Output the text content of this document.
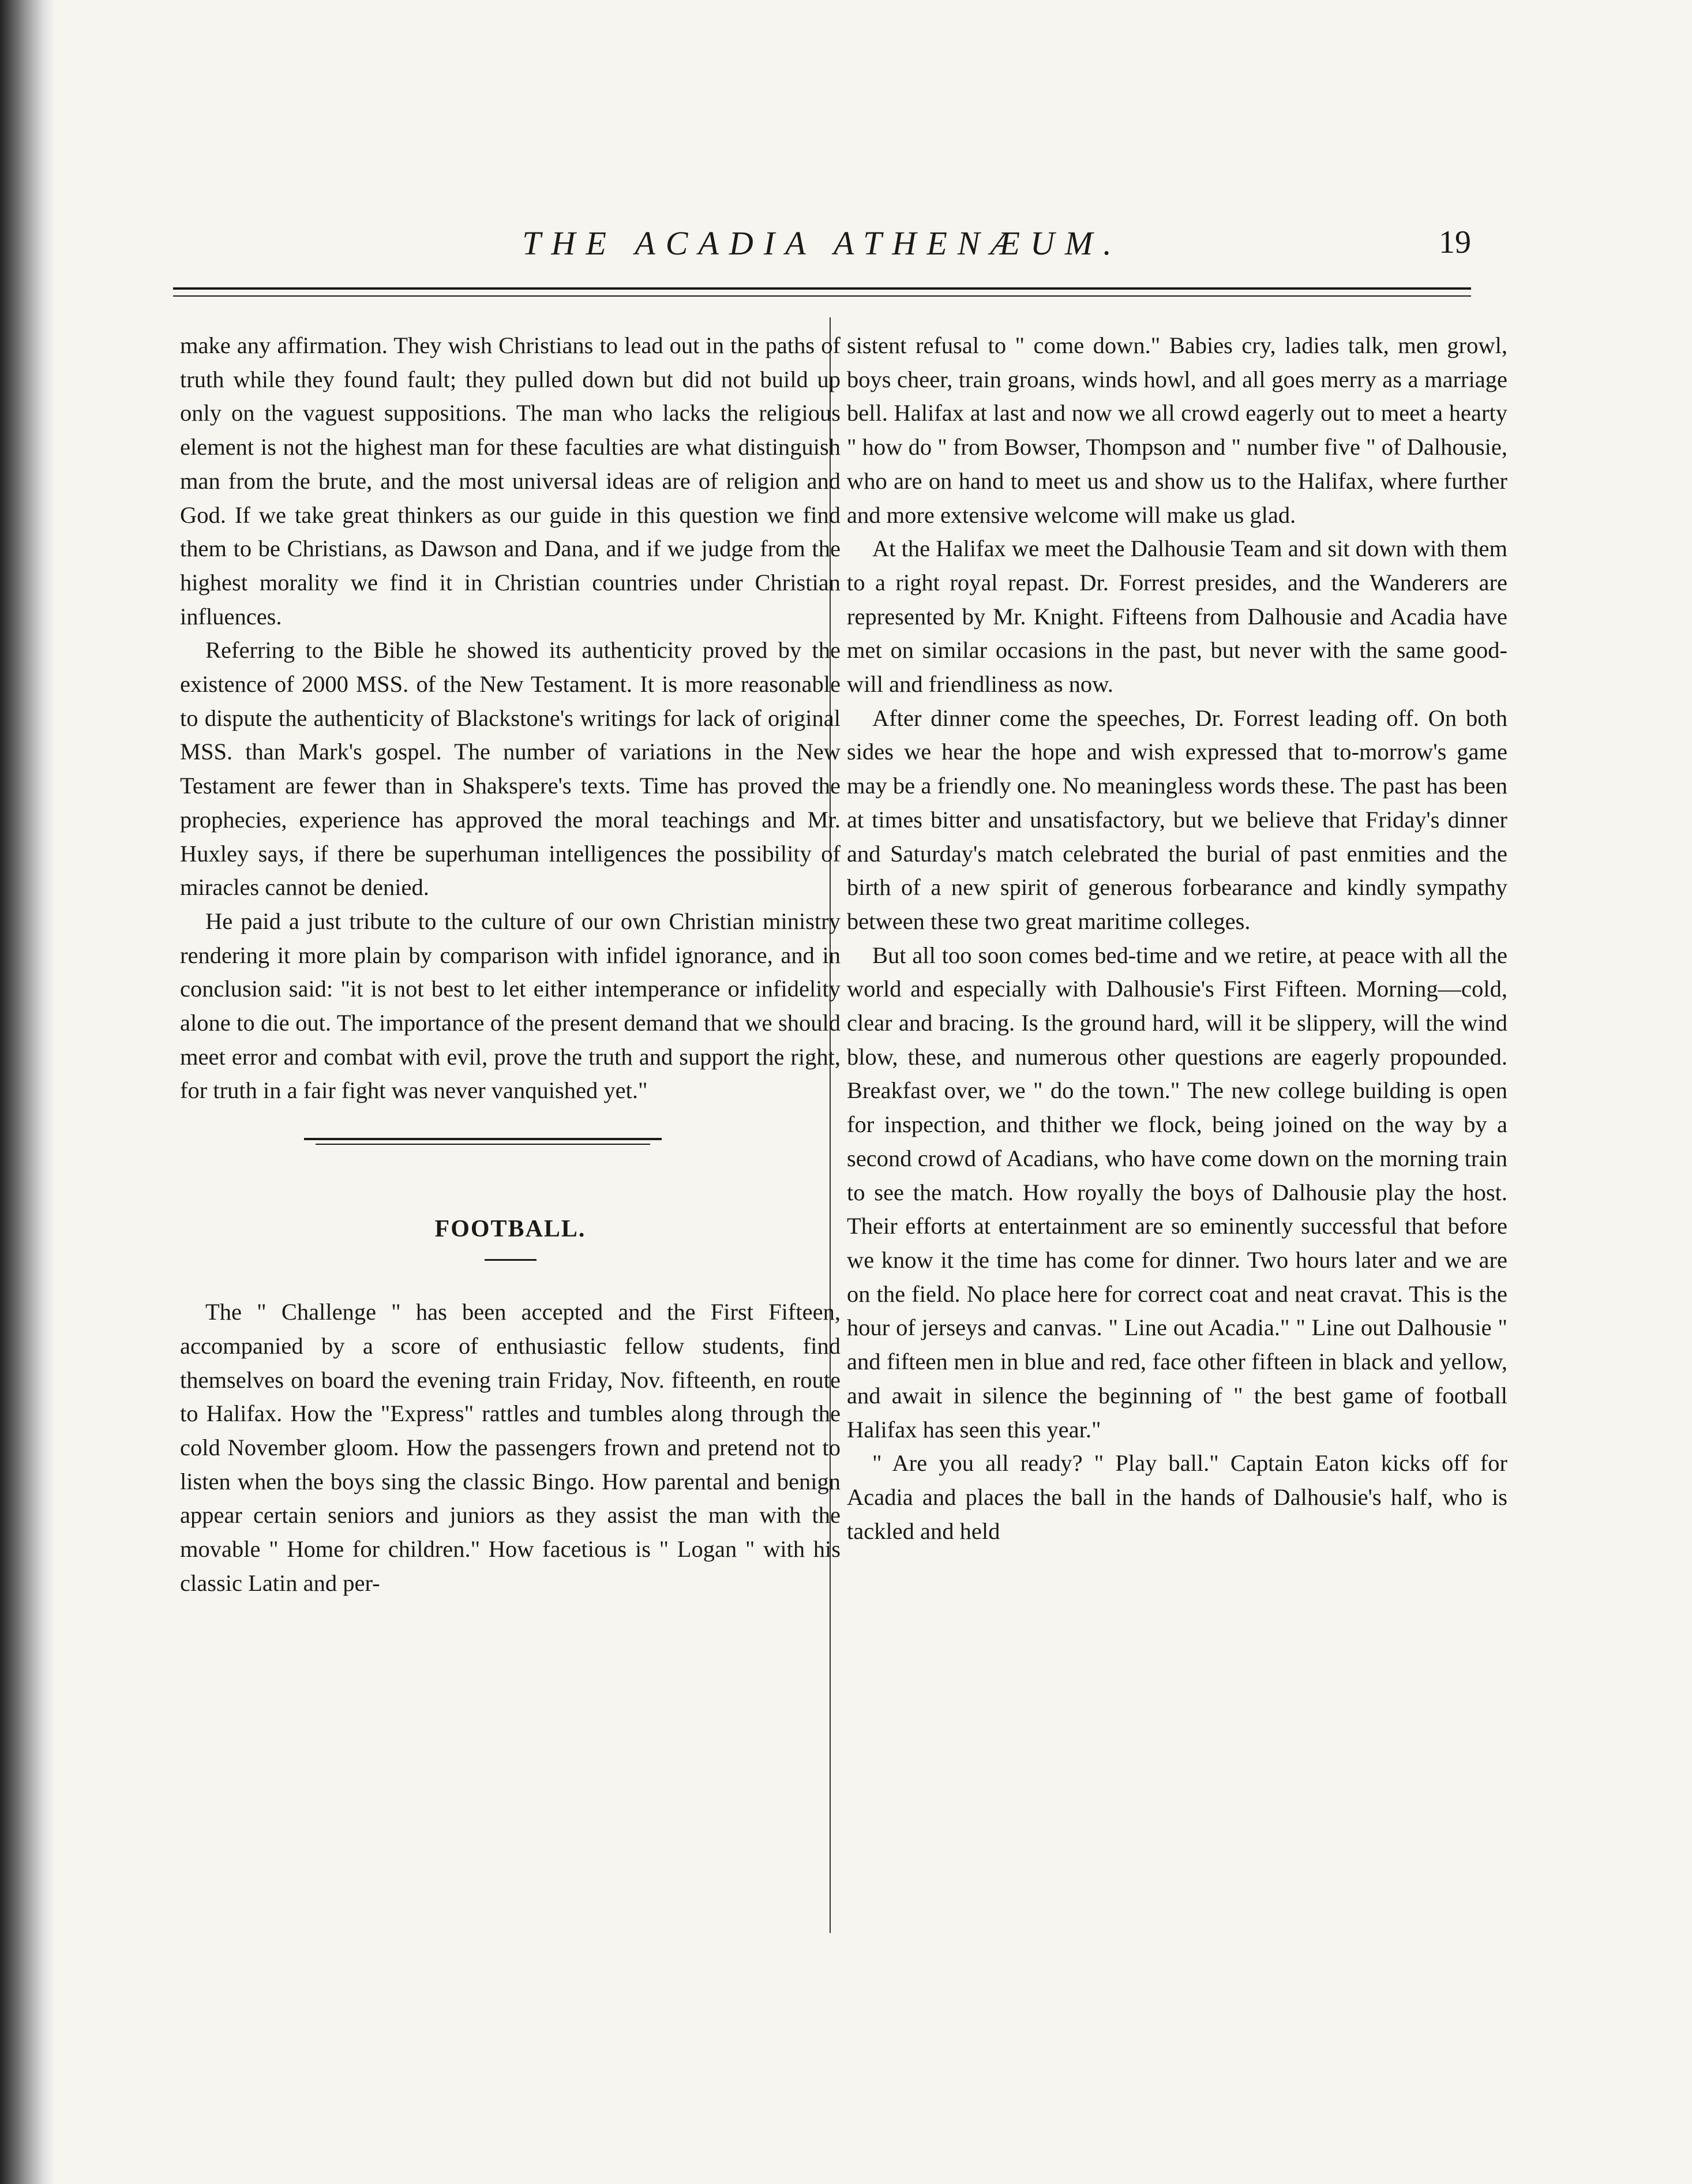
THE ACADIA ATHENÆUM.	19

make any affirmation. They wish Christians to lead out in the paths of truth while they found fault; they pulled down but did not build up only on the vaguest suppositions. The man who lacks the religious element is not the highest man for these faculties are what distinguish man from the brute, and the most universal ideas are of religion and God. If we take great thinkers as our guide in this question we find them to be Christians, as Dawson and Dana, and if we judge from the highest morality we find it in Christian countries under Christian influences.

Referring to the Bible he showed its authenticity proved by the existence of 2000 MSS. of the New Testament. It is more reasonable to dispute the authenticity of Blackstone's writings for lack of original MSS. than Mark's gospel. The number of variations in the New Testament are fewer than in Shakspere's texts. Time has proved the prophecies, experience has approved the moral teachings and Mr. Huxley says, if there be superhuman intelligences the possibility of miracles cannot be denied.

He paid a just tribute to the culture of our own Christian ministry rendering it more plain by comparison with infidel ignorance, and in conclusion said: "it is not best to let either intemperance or infidelity alone to die out. The importance of the present demand that we should meet error and combat with evil, prove the truth and support the right, for truth in a fair fight was never vanquished yet."

FOOTBALL.

The " Challenge " has been accepted and the First Fifteen, accompanied by a score of enthusiastic fellow students, find themselves on board the evening train Friday, Nov. fifteenth, en route to Halifax. How the "Express" rattles and tumbles along through the cold November gloom. How the passengers frown and pretend not to listen when the boys sing the classic Bingo. How parental and benign appear certain seniors and juniors as they assist the man with the movable " Home for children." How facetious is " Logan " with his classic Latin and per-

sistent refusal to " come down." Babies cry, ladies talk, men growl, boys cheer, train groans, winds howl, and all goes merry as a marriage bell. Halifax at last and now we all crowd eagerly out to meet a hearty " how do " from Bowser, Thompson and " number five " of Dalhousie, who are on hand to meet us and show us to the Halifax, where further and more extensive welcome will make us glad.

At the Halifax we meet the Dalhousie Team and sit down with them to a right royal repast. Dr. Forrest presides, and the Wanderers are represented by Mr. Knight. Fifteens from Dalhousie and Acadia have met on similar occasions in the past, but never with the same good-will and friendliness as now.

After dinner come the speeches, Dr. Forrest leading off. On both sides we hear the hope and wish expressed that to-morrow's game may be a friendly one. No meaningless words these. The past has been at times bitter and unsatisfactory, but we believe that Friday's dinner and Saturday's match celebrated the burial of past enmities and the birth of a new spirit of generous forbearance and kindly sympathy between these two great maritime colleges.

But all too soon comes bed-time and we retire, at peace with all the world and especially with Dalhousie's First Fifteen. Morning—cold, clear and bracing. Is the ground hard, will it be slippery, will the wind blow, these, and numerous other questions are eagerly propounded. Breakfast over, we " do the town." The new college building is open for inspection, and thither we flock, being joined on the way by a second crowd of Acadians, who have come down on the morning train to see the match. How royally the boys of Dalhousie play the host. Their efforts at entertainment are so eminently successful that before we know it the time has come for dinner. Two hours later and we are on the field. No place here for correct coat and neat cravat. This is the hour of jerseys and canvas. " Line out Acadia." " Line out Dalhousie " and fifteen men in blue and red, face other fifteen in black and yellow, and await in silence the beginning of " the best game of football Halifax has seen this year."

" Are you all ready? " Play ball." Captain Eaton kicks off for Acadia and places the ball in the hands of Dalhousie's half, who is tackled and held
